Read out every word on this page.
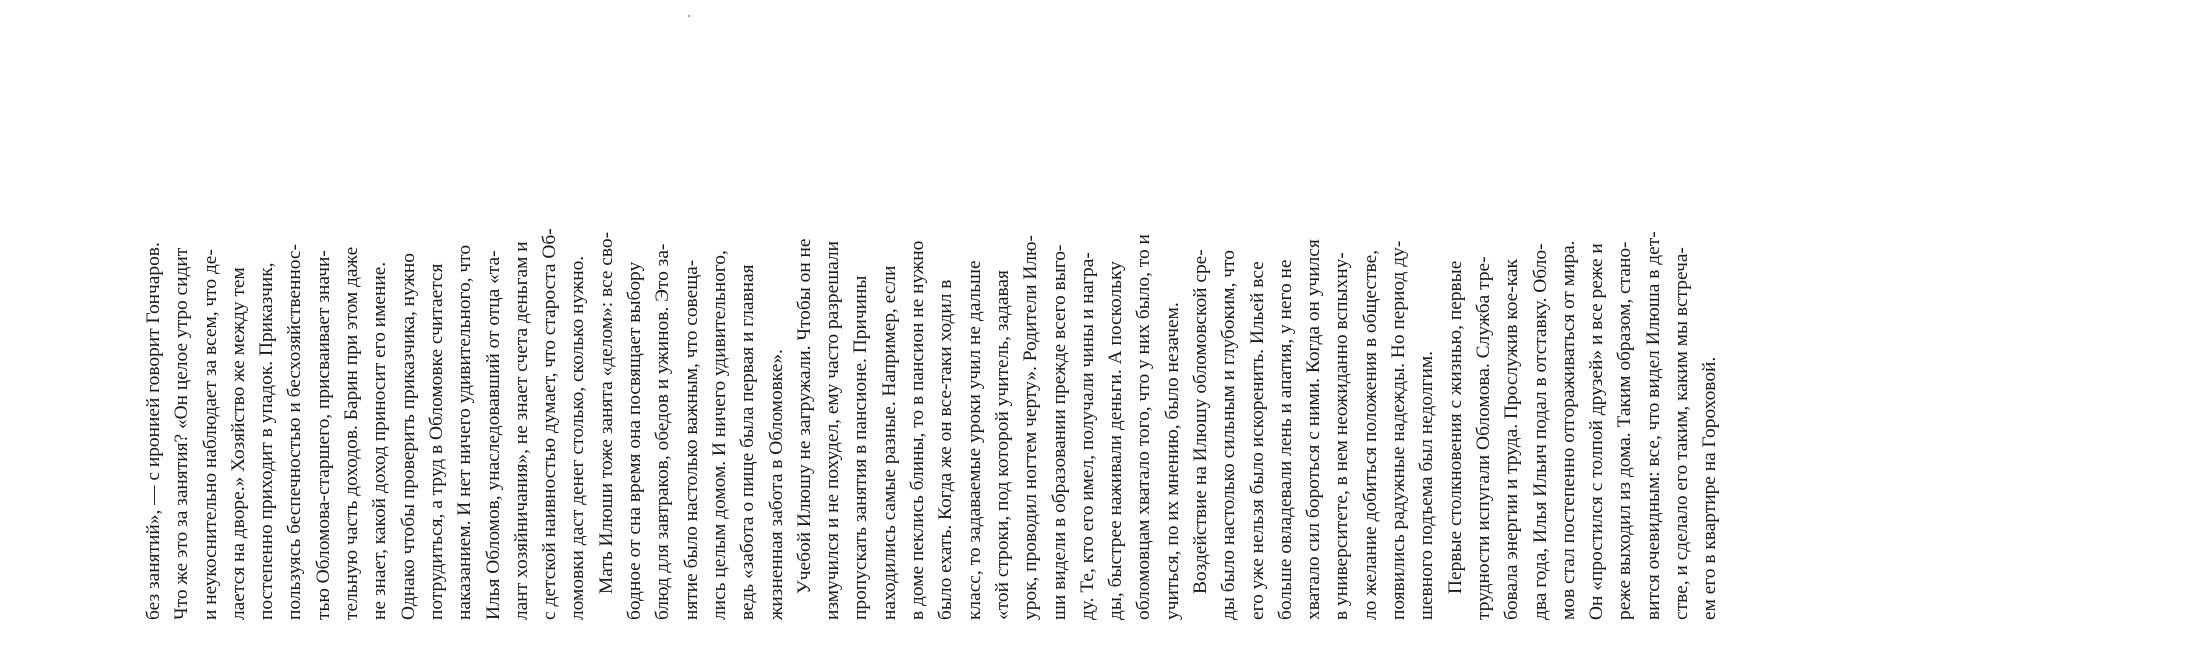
без занятий», — с иронией говорит Гончаров. Что же это за занятия? «Он целое утро сидит и неукоснительно наблюдает за всем, что де- лается на дворе.» Хозяйство же между тем постепенно приходит в упадок. Приказчик, пользуясь беспечностью и бесхозяйственнос- тью Обломова-старшего, присваивает значи- тельную часть доходов. Барин при этом даже не знает, какой доход приносит его имение. Однако чтобы проверить приказчика, нужно потрудиться, а труд в Обломовке считается наказанием. И нет ничего удивительного, что Илья Обломов, унаследовавший от отца «та- лант хозяйничания», не знает счета деньгам и с детской наивностью думает, что староста Об- ломовки даст денег столько, сколько нужно. Мать Илюши тоже занята «делом»: все сво- бодное от сна время она посвящает выбору блюд для завтраков, обедов и ужинов. Это за- нятие было настолько важным, что совеща- лись целым домом. И ничего удивительного, ведь «забота о пище была первая и главная жизненная забота в Обломовке». Учебой Илюшу не загружали. Чтобы он не измучился и не похудел, ему часто разрешали пропускать занятия в пансионе. Причины находились самые разные. Например, если в доме пеклись блины, то в пансион не нужно было ехать. Когда же он все-таки ходил в класс, то задаваемые уроки учил не дальше «той строки, под которой учитель, задавая урок, проводил ногтем черту». Родители Илю- ши видели в образовании прежде всего выго- ду. Те, кто его имел, получали чины и награ- ды, быстрее наживали деньги. А поскольку обломовцам хватало того, что у них было, то и учиться, по их мнению, было незачем. Воздействие на Илюшу обломовской сре- ды было настолько сильным и глубоким, что его уже нельзя было искоренить. Ильей все больше овладевали лень и апатия, у него не хватало сил бороться с ними. Когда он учился в университете, в нем неожиданно вспыхну- ло желание добиться положения в обществе, появились радужные надежды. Но период ду- шевного подъема был недолгим. Первые столкновения с жизнью, первые трудности испугали Обломова. Служба тре- бовала энергии и труда. Прослужив кое-как два года, Илья Ильич подал в отставку. Обло- мов стал постепенно отгораживаться от мира. Он «простился с толпой друзей» и все реже и реже выходил из дома. Таким образом, стано- вится очевидным: все, что видел Илюша в дет- стве, и сделало его таким, каким мы встреча- ем его в квартире на Гороховой.
